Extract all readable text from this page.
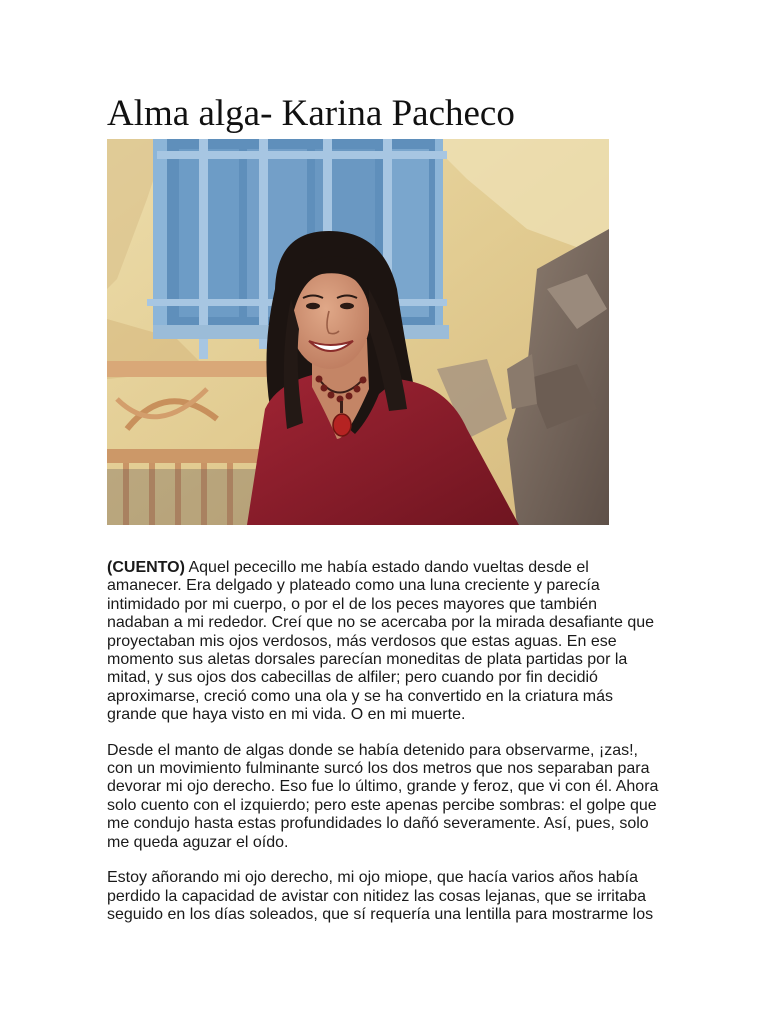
Alma alga- Karina Pacheco

(CUENTO) Aquel pececillo me había estado dando vueltas desde el amanecer. Era delgado y plateado como una luna creciente y parecía intimidado por mi cuerpo, o por el de los peces mayores que también nadaban a mi rededor. Creí que no se acercaba por la mirada desafiante que proyectaban mis ojos verdosos, más verdosos que estas aguas. En ese momento sus aletas dorsales parecían moneditas de plata partidas por la mitad, y sus ojos dos cabecillas de alfiler; pero cuando por fin decidió aproximarse, creció como una ola y se ha convertido en la criatura más grande que haya visto en mi vida. O en mi muerte.

Desde el manto de algas donde se había detenido para observarme, ¡zas!, con un movimiento fulminante surcó los dos metros que nos separaban para devorar mi ojo derecho. Eso fue lo último, grande y feroz, que vi con él. Ahora solo cuento con el izquierdo; pero este apenas percibe sombras: el golpe que me condujo hasta estas profundidades lo dañó severamente. Así, pues, solo me queda aguzar el oído.

Estoy añorando mi ojo derecho, mi ojo miope, que hacía varios años había perdido la capacidad de avistar con nitidez las cosas lejanas, que se irritaba seguido en los días soleados, que sí requería una lentilla para mostrarme los
